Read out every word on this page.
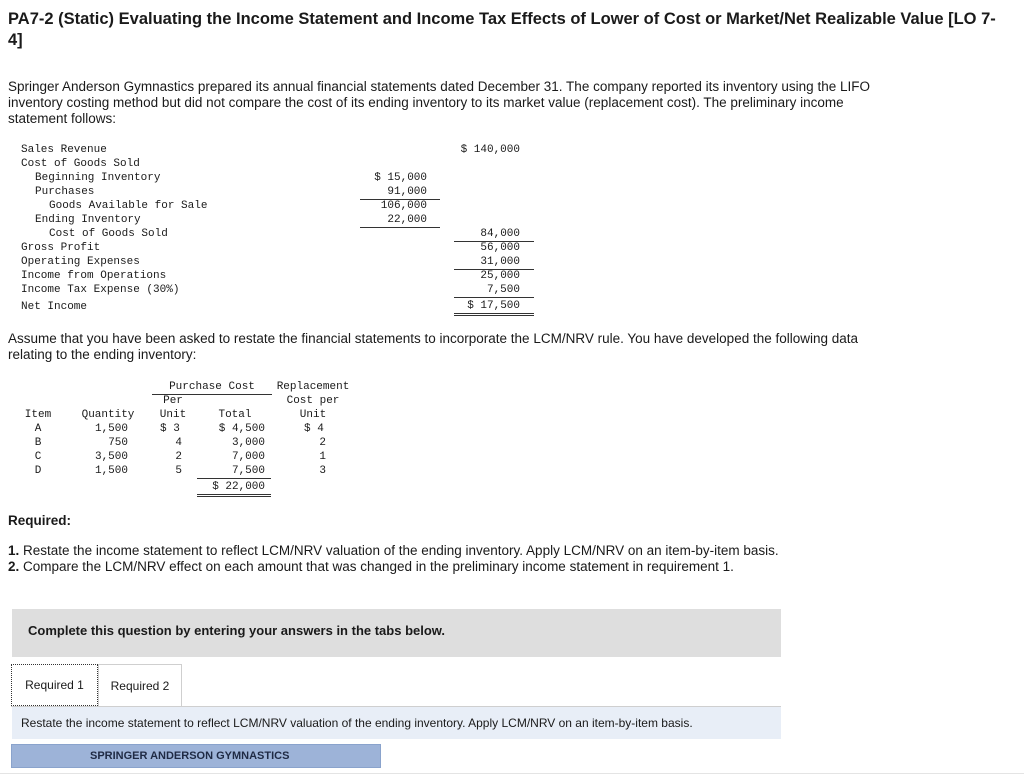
PA7-2 (Static) Evaluating the Income Statement and Income Tax Effects of Lower of Cost or Market/Net Realizable Value [LO 7-4]

Springer Anderson Gymnastics prepared its annual financial statements dated December 31. The company reported its inventory using the LIFO inventory costing method but did not compare the cost of its ending inventory to its market value (replacement cost). The preliminary income statement follows:

Sales Revenue	$ 140,000
Cost of Goods Sold
Beginning Inventory	$ 15,000
Purchases	91,000
Goods Available for Sale	106,000
Ending Inventory	22,000
Cost of Goods Sold	84,000
Gross Profit	56,000
Operating Expenses	31,000
Income from Operations	25,000
Income Tax Expense (30%)	7,500
Net Income	$ 17,500

Assume that you have been asked to restate the financial statements to incorporate the LCM/NRV rule. You have developed the following data relating to the ending inventory:

Purchase Cost	Replacement
Per	Cost per
Item	Quantity	Unit	Total	Unit
A	1,500	$ 3	$ 4,500	$ 4
B	750	4	3,000	2
C	3,500	2	7,000	1
D	1,500	5	7,500	3
$ 22,000

Required:

1. Restate the income statement to reflect LCM/NRV valuation of the ending inventory. Apply LCM/NRV on an item-by-item basis.
2. Compare the LCM/NRV effect on each amount that was changed in the preliminary income statement in requirement 1.
Complete this question by entering your answers in the tabs below.
Required 1	Required 2
Restate the income statement to reflect LCM/NRV valuation of the ending inventory. Apply LCM/NRV on an item-by-item basis.
SPRINGER ANDERSON GYMNASTICS
